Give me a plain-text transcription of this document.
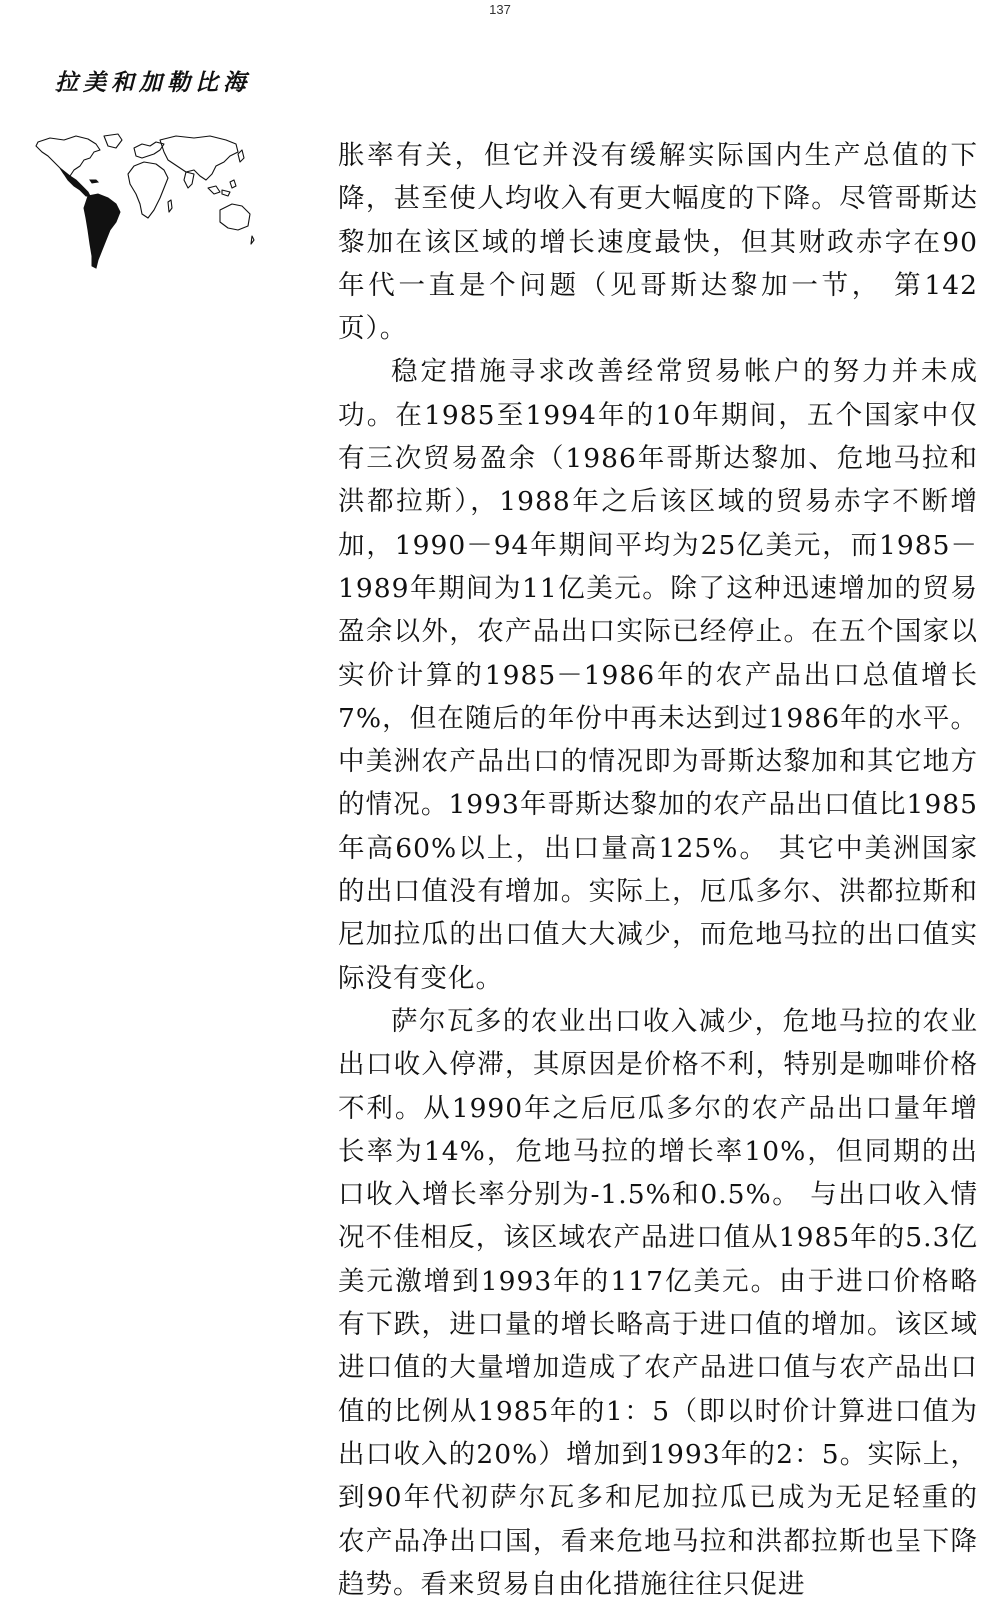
137
拉美和加勒比海

胀率有关，但它并没有缓解实际国内生产总值的下降，甚至使人均收入有更大幅度的下降。尽管哥斯达黎加在该区域的增长速度最快，但其财政赤字在90年代一直是个问题（见哥斯达黎加一节， 第142页）。

稳定措施寻求改善经常贸易帐户的努力并未成功。在1985至1994年的10年期间，五个国家中仅有三次贸易盈余（1986年哥斯达黎加、危地马拉和洪都拉斯），1988年之后该区域的贸易赤字不断增加，1990－94年期间平均为25亿美元，而1985－1989年期间为11亿美元。除了这种迅速增加的贸易盈余以外，农产品出口实际已经停止。在五个国家以实价计算的1985－1986年的农产品出口总值增长7%，但在随后的年份中再未达到过1986年的水平。中美洲农产品出口的情况即为哥斯达黎加和其它地方的情况。1993年哥斯达黎加的农产品出口值比1985年高60%以上，出口量高125%。 其它中美洲国家的出口值没有增加。实际上，厄瓜多尔、洪都拉斯和尼加拉瓜的出口值大大减少，而危地马拉的出口值实际没有变化。

萨尔瓦多的农业出口收入减少，危地马拉的农业出口收入停滞，其原因是价格不利，特别是咖啡价格不利。从1990年之后厄瓜多尔的农产品出口量年增长率为14%，危地马拉的增长率10%，但同期的出口收入增长率分别为-1.5%和0.5%。 与出口收入情况不佳相反，该区域农产品进口值从1985年的5.3亿美元激增到1993年的117亿美元。由于进口价格略有下跌，进口量的增长略高于进口值的增加。该区域进口值的大量增加造成了农产品进口值与农产品出口值的比例从1985年的1：5（即以时价计算进口值为出口收入的20%）增加到1993年的2：5。实际上，到90年代初萨尔瓦多和尼加拉瓜已成为无足轻重的农产品净出口国，看来危地马拉和洪都拉斯也呈下降趋势。看来贸易自由化措施往往只促进
